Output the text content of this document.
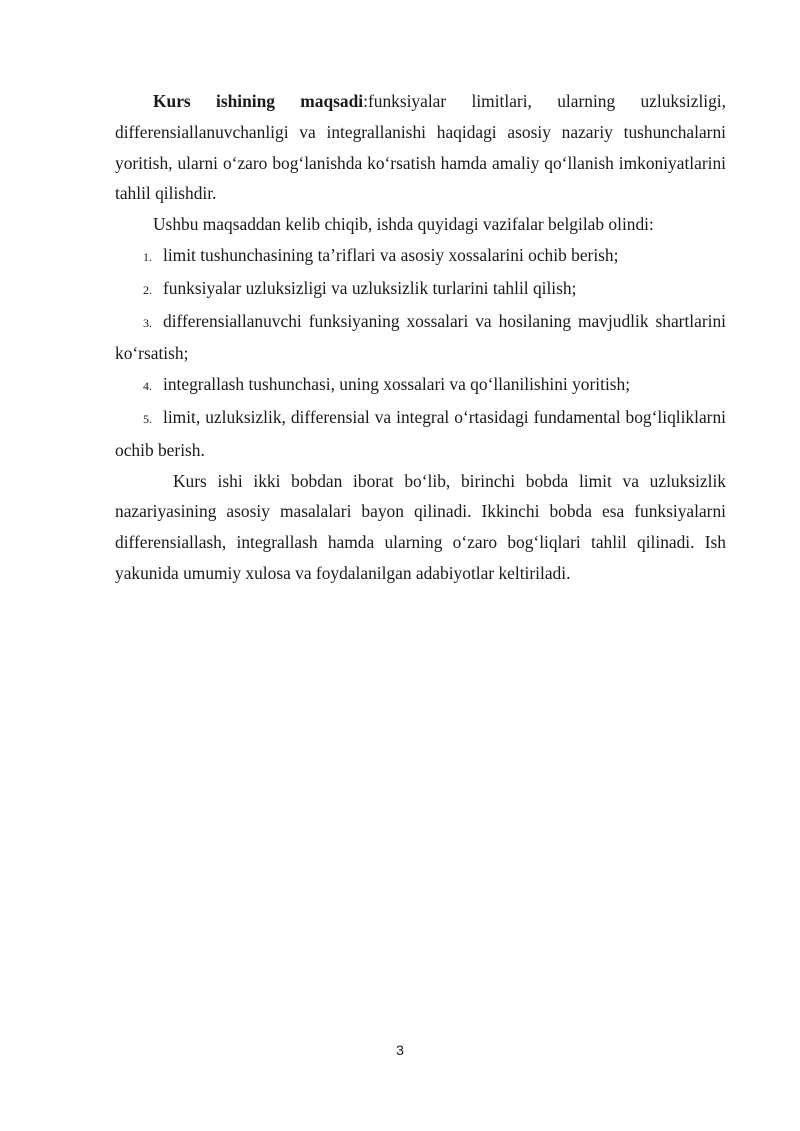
Kurs ishining maqsadi:funksiyalar limitlari, ularning uzluksizligi, differensiallanuvchanligi va integrallanishi haqidagi asosiy nazariy tushunchalarni yoritish, ularni o‘zaro bog‘lanishda ko‘rsatish hamda amaliy qo‘llanish imkoniyatlarini tahlil qilishdir.

Ushbu maqsaddan kelib chiqib, ishda quyidagi vazifalar belgilab olindi:

1. limit tushunchasining ta’riflari va asosiy xossalarini ochib berish;
2. funksiyalar uzluksizligi va uzluksizlik turlarini tahlil qilish;
3. differensiallanuvchi funksiyaning xossalari va hosilaning mavjudlik shartlarini ko‘rsatish;
4. integrallash tushunchasi, uning xossalari va qo‘llanilishini yoritish;
5. limit, uzluksizlik, differensial va integral o‘rtasidagi fundamental bog‘liqliklarni ochib berish.

Kurs ishi ikki bobdan iborat bo‘lib, birinchi bobda limit va uzluksizlik nazariyasining asosiy masalalari bayon qilinadi. Ikkinchi bobda esa funksiyalarni differensiallash, integrallash hamda ularning o‘zaro bog‘liqlari tahlil qilinadi. Ish yakunida umumiy xulosa va foydalanilgan adabiyotlar keltiriladi.

3
